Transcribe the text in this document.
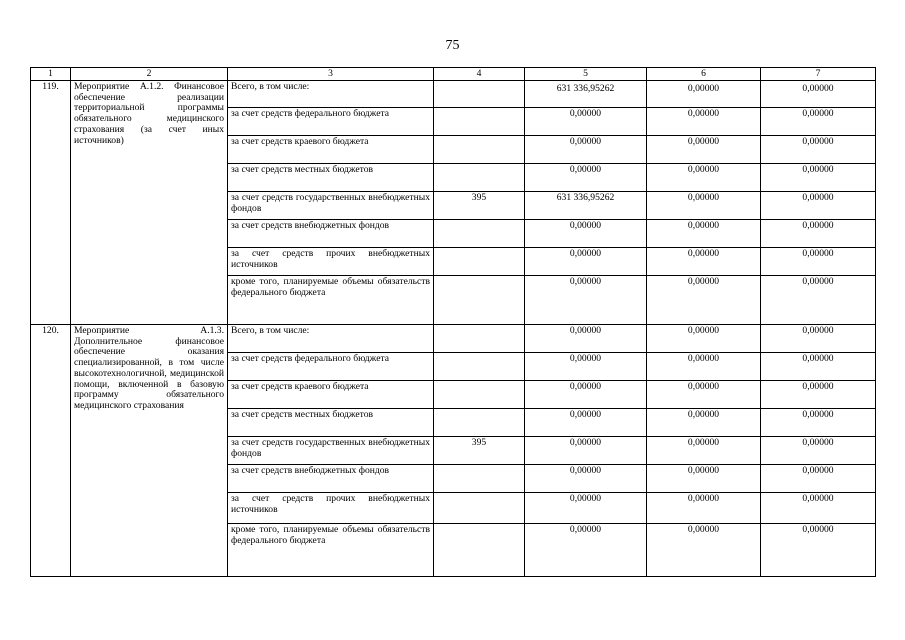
75
1	2	3	4	5	6	7
119.	Мероприятие А.1.2. Финансовое обеспечение реализации территориальной программы обязательного медицинского страхования (за счет иных источников)	Всего, в том числе:		631 336,95262	0,00000	0,00000
		за счет средств федерального бюджета		0,00000	0,00000	0,00000
		за счет средств краевого бюджета		0,00000	0,00000	0,00000
		за счет средств местных бюджетов		0,00000	0,00000	0,00000
		за счет средств государственных внебюджетных фондов	395	631 336,95262	0,00000	0,00000
		за счет средств внебюджетных фондов		0,00000	0,00000	0,00000
		за счет средств прочих внебюджетных источников		0,00000	0,00000	0,00000
		кроме того, планируемые объемы обязательств федерального бюджета		0,00000	0,00000	0,00000
120.	Мероприятие А.1.3. Дополнительное финансовое обеспечение оказания специализированной, в том числе высокотехнологичной, медицинской помощи, включенной в базовую программу обязательного медицинского страхования	Всего, в том числе:		0,00000	0,00000	0,00000
		за счет средств федерального бюджета		0,00000	0,00000	0,00000
		за счет средств краевого бюджета		0,00000	0,00000	0,00000
		за счет средств местных бюджетов		0,00000	0,00000	0,00000
		за счет средств государственных внебюджетных фондов	395	0,00000	0,00000	0,00000
		за счет средств внебюджетных фондов		0,00000	0,00000	0,00000
		за счет средств прочих внебюджетных источников		0,00000	0,00000	0,00000
		кроме того, планируемые объемы обязательств федерального бюджета		0,00000	0,00000	0,00000
